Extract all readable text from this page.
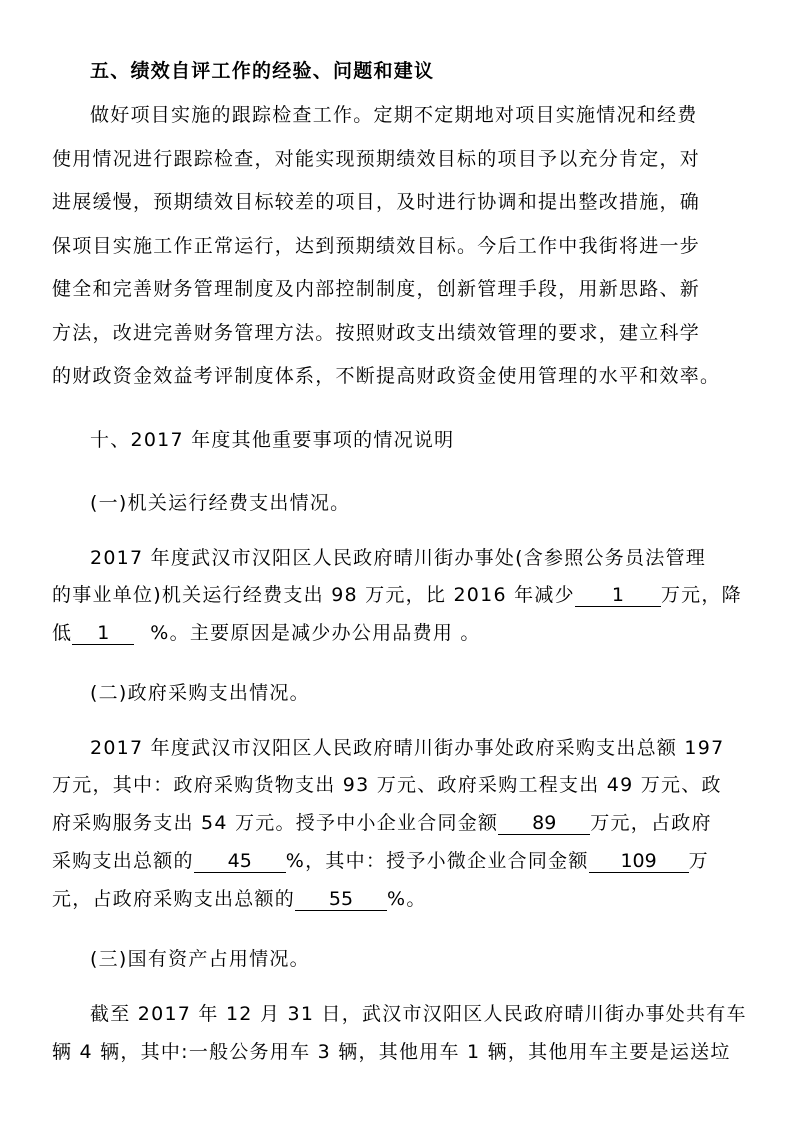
五、绩效自评工作的经验、问题和建议
做好项目实施的跟踪检查工作。定期不定期地对项目实施情况和经费
使用情况进行跟踪检查，对能实现预期绩效目标的项目予以充分肯定，对
进展缓慢，预期绩效目标较差的项目，及时进行协调和提出整改措施，确
保项目实施工作正常运行，达到预期绩效目标。今后工作中我街将进一步
健全和完善财务管理制度及内部控制制度，创新管理手段，用新思路、新
方法，改进完善财务管理方法。按照财政支出绩效管理的要求，建立科学
的财政资金效益考评制度体系，不断提高财政资金使用管理的水平和效率。
十、2017 年度其他重要事项的情况说明
(一)机关运行经费支出情况。
2017 年度武汉市汉阳区人民政府晴川街办事处(含参照公务员法管理
的事业单位)机关运行经费支出 98 万元，比 2016 年减少 1 万元，降
低 1 %。主要原因是减少办公用品费用 。
(二)政府采购支出情况。
2017 年度武汉市汉阳区人民政府晴川街办事处政府采购支出总额 197
万元，其中：政府采购货物支出 93 万元、政府采购工程支出 49 万元、政
府采购服务支出 54 万元。授予中小企业合同金额 89 万元，占政府
采购支出总额的 45 %，其中：授予小微企业合同金额 109 万
元，占政府采购支出总额的 55 %。
(三)国有资产占用情况。
截至 2017 年 12 月 31 日，武汉市汉阳区人民政府晴川街办事处共有车
辆 4 辆，其中:一般公务用车 3 辆，其他用车 1 辆，其他用车主要是运送垃
